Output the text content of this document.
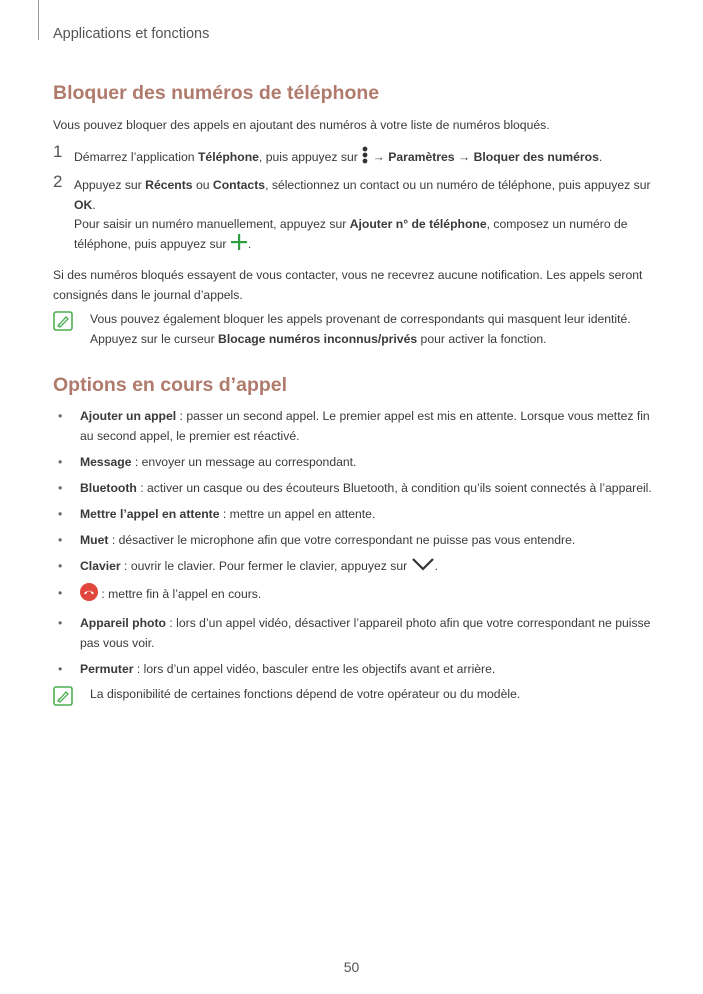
Applications et fonctions
Bloquer des numéros de téléphone
Vous pouvez bloquer des appels en ajoutant des numéros à votre liste de numéros bloqués.
1 Démarrez l’application Téléphone, puis appuyez sur  → Paramètres → Bloquer des numéros.
2 Appuyez sur Récents ou Contacts, sélectionnez un contact ou un numéro de téléphone, puis appuyez sur OK.
Pour saisir un numéro manuellement, appuyez sur Ajouter n° de téléphone, composez un numéro de téléphone, puis appuyez sur .
Si des numéros bloqués essayent de vous contacter, vous ne recevrez aucune notification. Les appels seront consignés dans le journal d’appels.
Vous pouvez également bloquer les appels provenant de correspondants qui masquent leur identité. Appuyez sur le curseur Blocage numéros inconnus/privés pour activer la fonction.
Options en cours d’appel
• Ajouter un appel : passer un second appel. Le premier appel est mis en attente. Lorsque vous mettez fin au second appel, le premier est réactivé.
• Message : envoyer un message au correspondant.
• Bluetooth : activer un casque ou des écouteurs Bluetooth, à condition qu’ils soient connectés à l’appareil.
• Mettre l’appel en attente : mettre un appel en attente.
• Muet : désactiver le microphone afin que votre correspondant ne puisse pas vous entendre.
• Clavier : ouvrir le clavier. Pour fermer le clavier, appuyez sur .
•	: mettre fin à l’appel en cours.
• Appareil photo : lors d’un appel vidéo, désactiver l’appareil photo afin que votre correspondant ne puisse pas vous voir.
• Permuter : lors d’un appel vidéo, basculer entre les objectifs avant et arrière.
La disponibilité de certaines fonctions dépend de votre opérateur ou du modèle.
50
